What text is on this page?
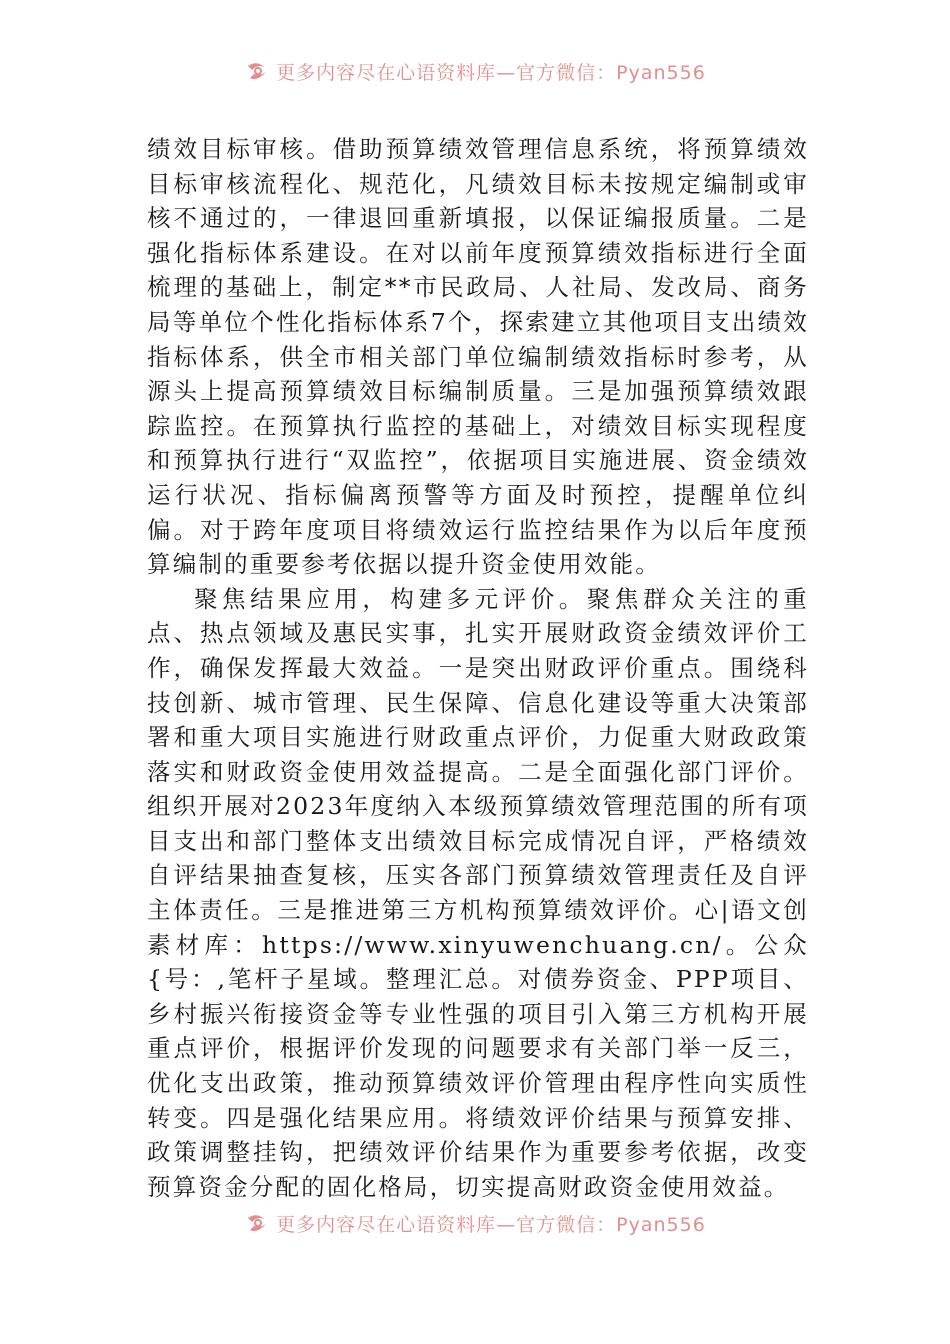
更多内容尽在心语资料库—官方微信：Pyan556

绩效目标审核。借助预算绩效管理信息系统，将预算绩效目标审核流程化、规范化，凡绩效目标未按规定编制或审核不通过的，一律退回重新填报，以保证编报质量。二是强化指标体系建设。在对以前年度预算绩效指标进行全面梳理的基础上，制定**市民政局、人社局、发改局、商务局等单位个性化指标体系7个，探索建立其他项目支出绩效指标体系，供全市相关部门单位编制绩效指标时参考，从源头上提高预算绩效目标编制质量。三是加强预算绩效跟踪监控。在预算执行监控的基础上，对绩效目标实现程度和预算执行进行“双监控”，依据项目实施进展、资金绩效运行状况、指标偏离预警等方面及时预控，提醒单位纠偏。对于跨年度项目将绩效运行监控结果作为以后年度预算编制的重要参考依据以提升资金使用效能。

聚焦结果应用，构建多元评价。聚焦群众关注的重点、热点领域及惠民实事，扎实开展财政资金绩效评价工作，确保发挥最大效益。一是突出财政评价重点。围绕科技创新、城市管理、民生保障、信息化建设等重大决策部署和重大项目实施进行财政重点评价，力促重大财政政策落实和财政资金使用效益提高。二是全面强化部门评价。组织开展对2023年度纳入本级预算绩效管理范围的所有项目支出和部门整体支出绩效目标完成情况自评，严格绩效自评结果抽查复核，压实各部门预算绩效管理责任及自评主体责任。三是推进第三方机构预算绩效评价。心|语文创素材库：https://www.xinyuwenchuang.cn/。公众{号：,笔杆子星域。整理汇总。对债券资金、PPP项目、乡村振兴衔接资金等专业性强的项目引入第三方机构开展重点评价，根据评价发现的问题要求有关部门举一反三，优化支出政策，推动预算绩效评价管理由程序性向实质性转变。四是强化结果应用。将绩效评价结果与预算安排、政策调整挂钩，把绩效评价结果作为重要参考依据，改变预算资金分配的固化格局，切实提高财政资金使用效益。

更多内容尽在心语资料库—官方微信：Pyan556
